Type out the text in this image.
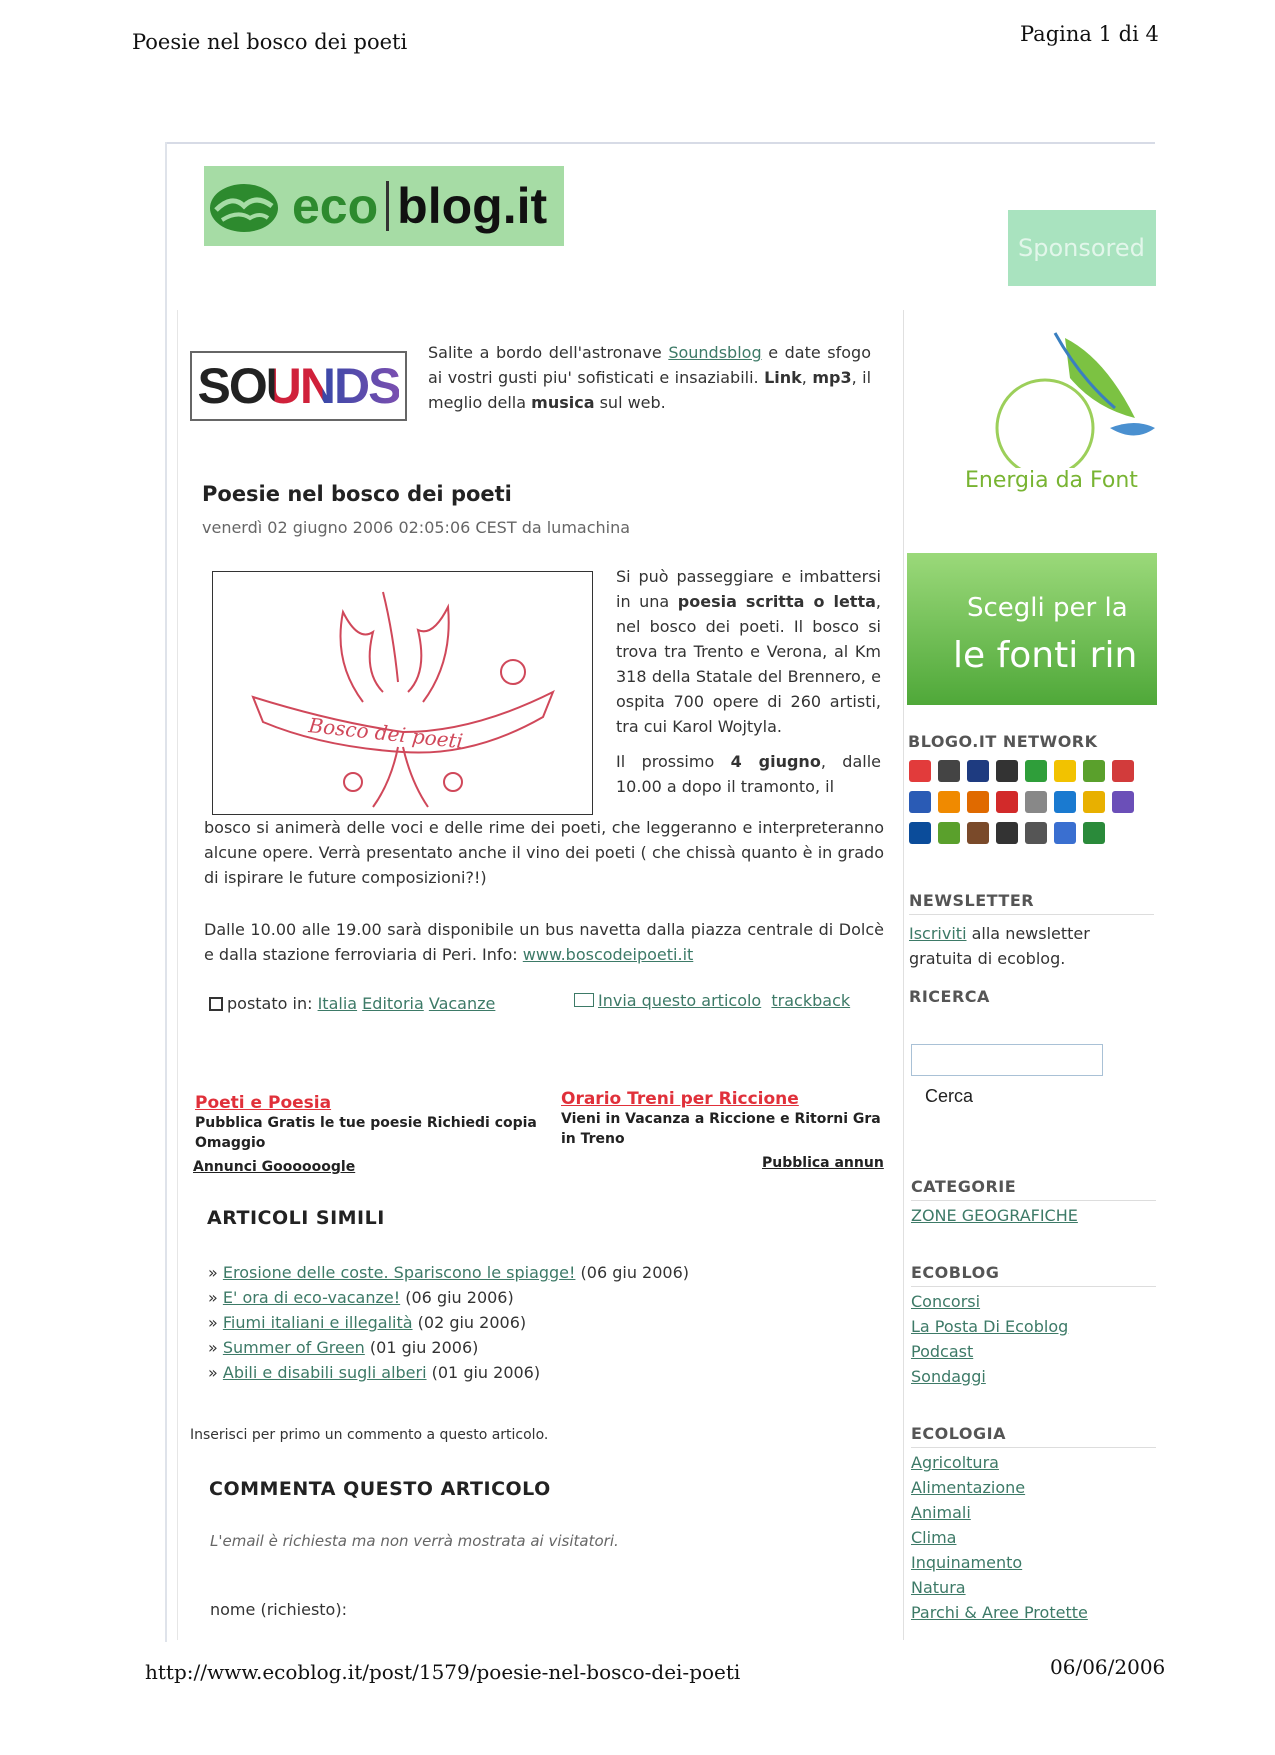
Poesie nel bosco dei poeti	Pagina 1 di 4
http://www.ecoblog.it/post/1579/poesie-nel-bosco-dei-poeti	06/06/2006
eco blog.it
Sponsored
SOUNDS
Salite a bordo dell'astronave Soundsblog e date sfogo ai vostri gusti piu' sofisticati e insaziabili. Link, mp3, il meglio della musica sul web.
Poesie nel bosco dei poeti
venerdì 02 giugno 2006 02:05:06 CEST da lumachina
Bosco dei poeti
Si può passeggiare e imbattersi in una poesia scritta o letta, nel bosco dei poeti. Il bosco si trova tra Trento e Verona, al Km 318 della Statale del Brennero, e ospita 700 opere di 260 artisti, tra cui Karol Wojtyla.
Il prossimo 4 giugno, dalle 10.00 a dopo il tramonto, il
bosco si animerà delle voci e delle rime dei poeti, che leggeranno e interpreteranno alcune opere. Verrà presentato anche il vino dei poeti ( che chissà quanto è in grado di ispirare le future composizioni?!)
Dalle 10.00 alle 19.00 sarà disponibile un bus navetta dalla piazza centrale di Dolcè e dalla stazione ferroviaria di Peri. Info: www.boscodeipoeti.it
postato in: Italia Editoria Vacanze	Invia questo articolo trackback
Poeti e Poesia
Pubblica Gratis le tue poesie Richiedi copia Omaggio
Orario Treni per Riccione
Vieni in Vacanza a Riccione e Ritorni Gra in Treno
Annunci Goooooogle	Pubblica annun
ARTICOLI SIMILI
» Erosione delle coste. Spariscono le spiagge! (06 giu 2006)
» E' ora di eco-vacanze! (06 giu 2006)
» Fiumi italiani e illegalità (02 giu 2006)
» Summer of Green (01 giu 2006)
» Abili e disabili sugli alberi (01 giu 2006)
Inserisci per primo un commento a questo articolo.
COMMENTA QUESTO ARTICOLO
L'email è richiesta ma non verrà mostrata ai visitatori.
nome (richiesto):
Energia da Font
Scegli per la
le fonti rin
BLOGO.IT NETWORK
NEWSLETTER
Iscriviti alla newsletter gratuita di ecoblog.
RICERCA
Cerca
CATEGORIE
ZONE GEOGRAFICHE
ECOBLOG
Concorsi
La Posta Di Ecoblog
Podcast
Sondaggi
ECOLOGIA
Agricoltura
Alimentazione
Animali
Clima
Inquinamento
Natura
Parchi & Aree Protette
